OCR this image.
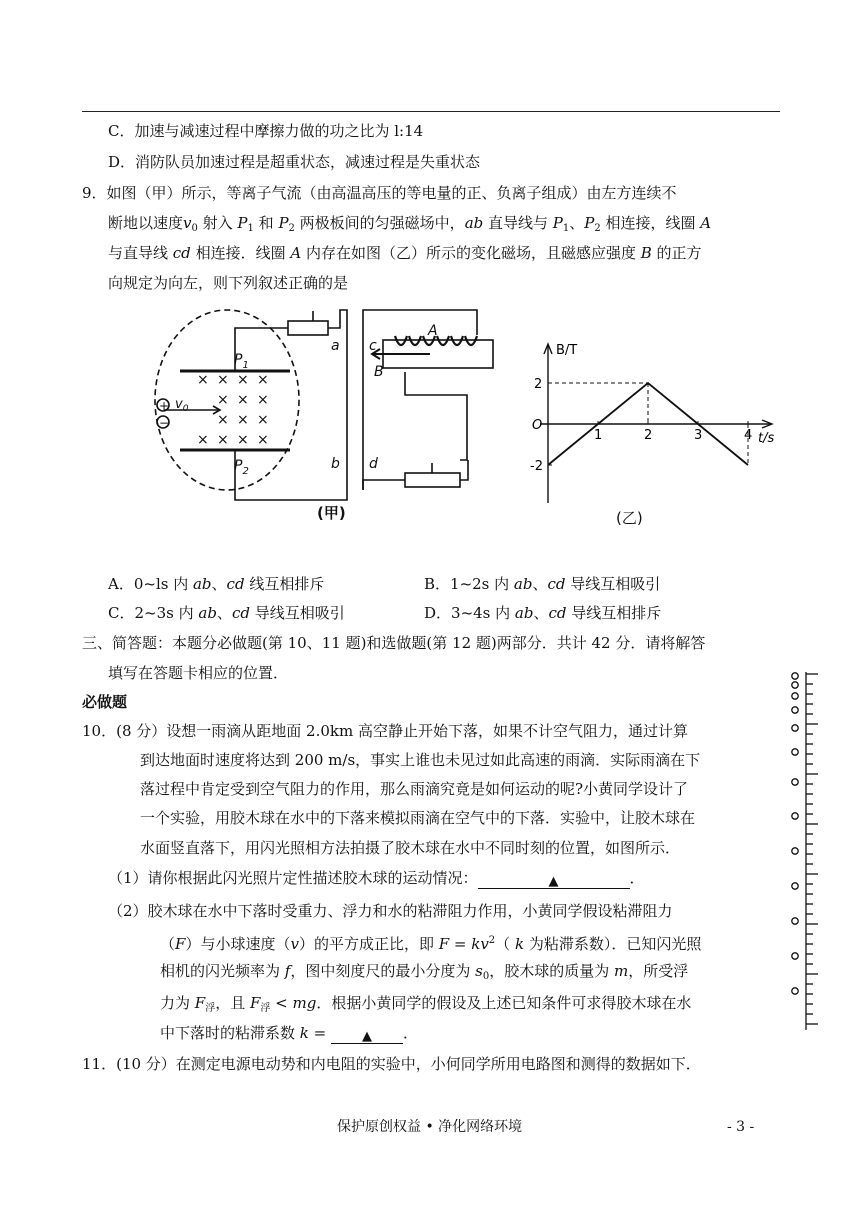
C．加速与减速过程中摩擦力做的功之比为 l:14
D．消防队员加速过程是超重状态，减速过程是失重状态
9．如图（甲）所示，等离子气流（由高温高压的等电量的正、负离子组成）由左方连续不
断地以速度$v_0$ 射入 $P_1$ 和 $P_2$ 两极板间的匀强磁场中，ab 直导线与 $P_1$、$P_2$ 相连接，线圈 A
与直导线 cd 相连接．线圈 A 内存在如图（乙）所示的变化磁场，且磁感应强度 B 的正方
向规定为向左，则下列叙述正确的是
× ×
× × ×
× × ×
× × × ×
× ×
+
−
$P_1$
$P_2$
$v_0$
a
b
c
d
A
B
(甲)
1	2	3	4
2
-2
B/T
t/s
O
(乙)
A．0~ls 内 ab、cd 线互相排斥	B．1~2s 内 ab、cd 导线互相吸引
C．2~3s 内 ab、cd 导线互相吸引	D．3~4s 内 ab、cd 导线互相排斥
三、简答题：本题分必做题(第 10、11 题)和选做题(第 12 题)两部分．共计 42 分．请将解答
填写在答题卡相应的位置．
必做题
10．(8 分）设想一雨滴从距地面 2.0km 高空静止开始下落，如果不计空气阻力，通过计算
到达地面时速度将达到 200 m/s，事实上谁也未见过如此高速的雨滴．实际雨滴在下
落过程中肯定受到空气阻力的作用，那么雨滴究竟是如何运动的呢?小黄同学设计了
一个实验，用胶木球在水中的下落来模拟雨滴在空气中的下落．实验中，让胶木球在
水面竖直落下，用闪光照相方法拍摄了胶木球在水中不同时刻的位置，如图所示．
（1）请你根据此闪光照片定性描述胶木球的运动情况：	▲	．
（2）胶木球在水中下落时受重力、浮力和水的粘滞阻力作用，小黄同学假设粘滞阻力
（F）与小球速度（v）的平方成正比，即 $F = kv^2$（ k 为粘滞系数）．已知闪光照
相机的闪光频率为 f，图中刻度尺的最小分度为 $s_0$，胶木球的质量为 m，所受浮
力为 $F_浮$，且 $F_浮$ < mg．根据小黄同学的假设及上述已知条件可求得胶木球在水
中下落时的粘滞系数 k =	▲ ．
11．(10 分）在测定电源电动势和内电阻的实验中，小何同学所用电路图和测得的数据如下．
保护原创权益 • 净化网络环境	- 3 -
